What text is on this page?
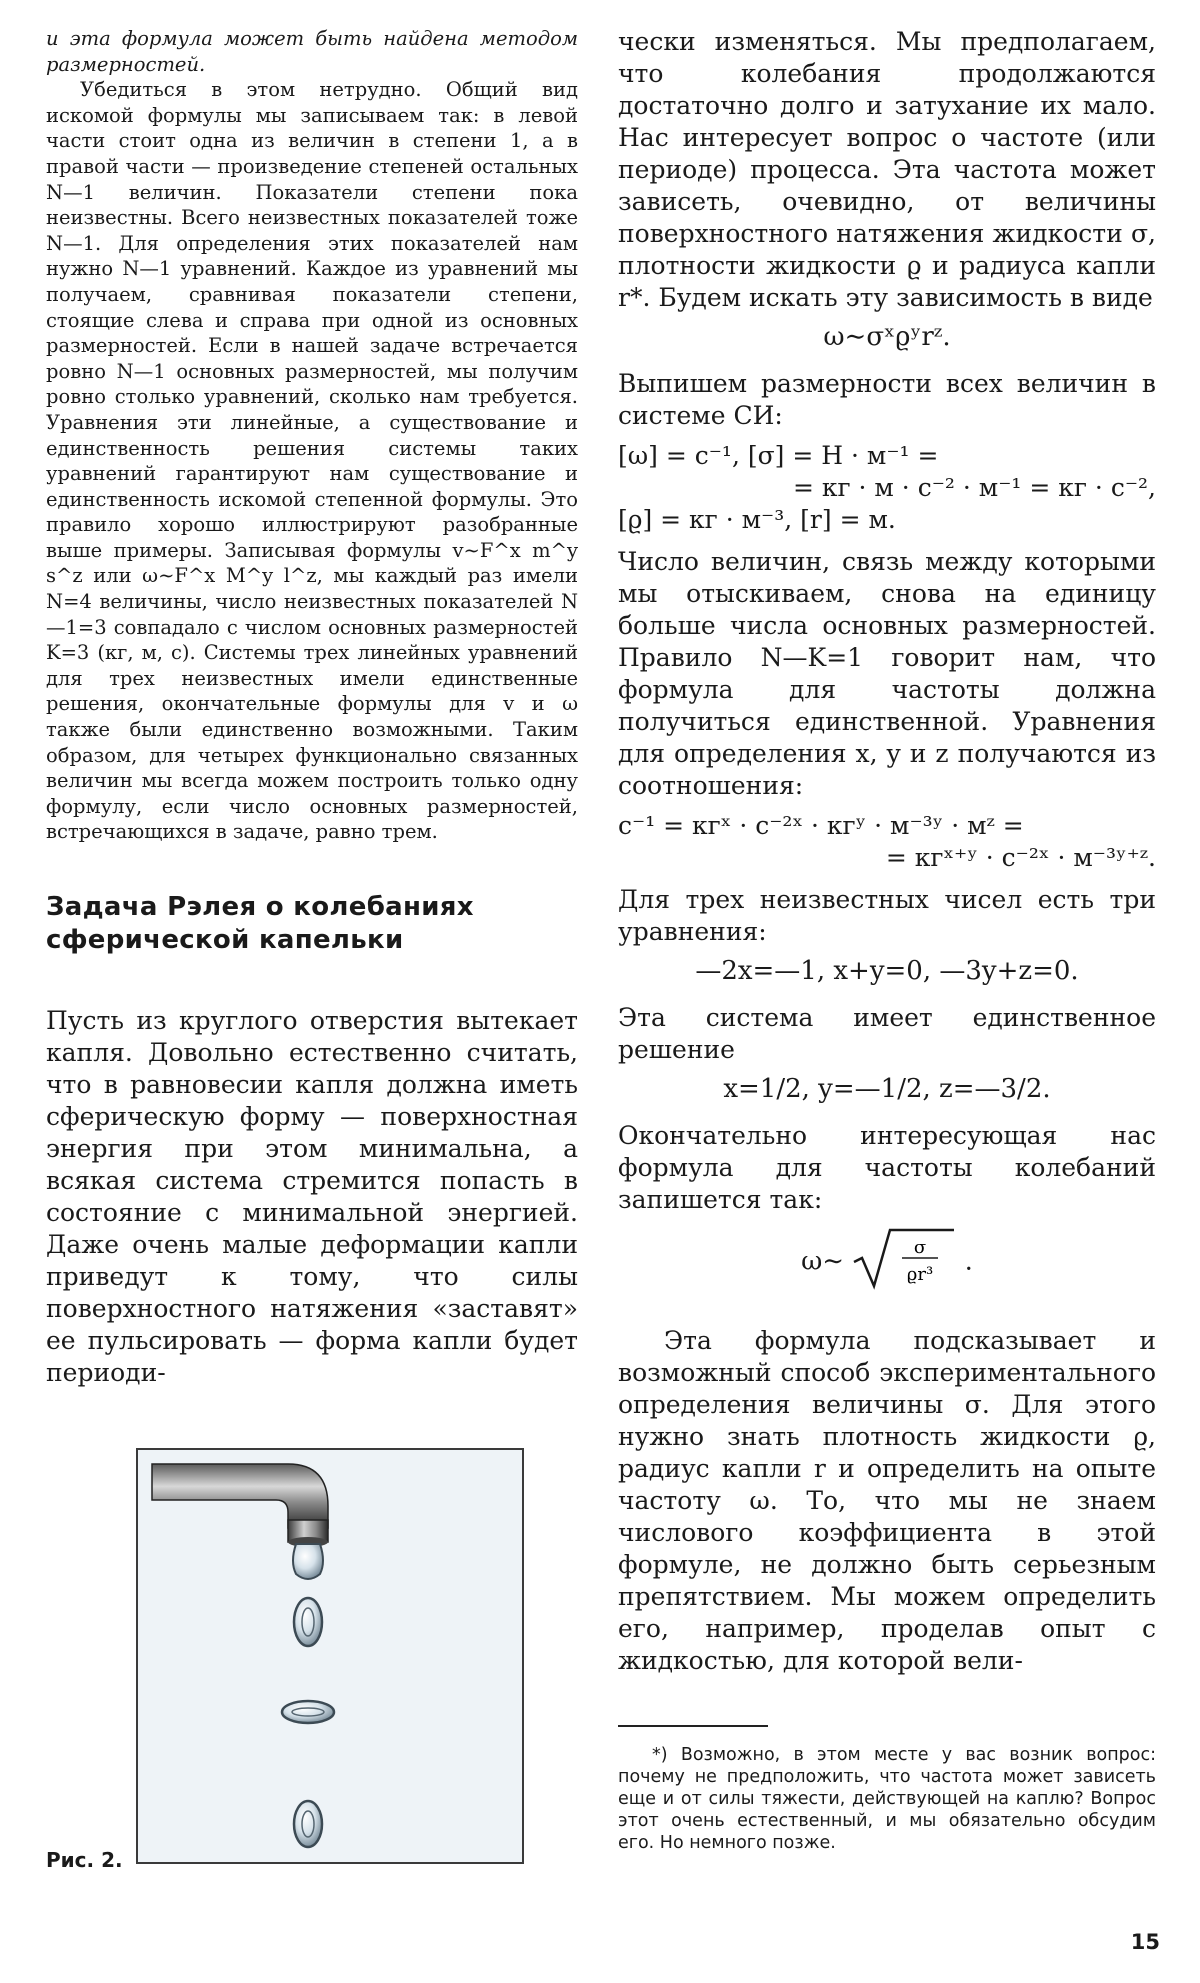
и эта формула может быть найдена методом размерностей.

Убедиться в этом нетрудно. Общий вид искомой формулы мы записываем так: в левой части стоит одна из величин в степени 1, а в правой части — произведение степеней остальных N—1 величин. Показатели степени пока неизвестны. Всего неизвестных показателей тоже N—1. Для определения этих показателей нам нужно N—1 уравнений. Каждое из уравнений мы получаем, сравнивая показатели степени, стоящие слева и справа при одной из основных размерностей. Если в нашей задаче встречается ровно N—1 основных размерностей, мы получим ровно столько уравнений, сколько нам требуется. Уравнения эти линейные, а существование и единственность решения системы таких уравнений гарантируют нам существование и единственность искомой степенной формулы. Это правило хорошо иллюстрируют разобранные выше примеры. Записывая формулы v∼F^x m^y s^z или ω∼F^x M^y l^z, мы каждый раз имели N=4 величины, число неизвестных показателей N—1=3 совпадало с числом основных размерностей K=3 (кг, м, с). Системы трех линейных уравнений для трех неизвестных имели единственные решения, окончательные формулы для v и ω также были единственно возможными. Таким образом, для четырех функционально связанных величин мы всегда можем построить только одну формулу, если число основных размерностей, встречающихся в задаче, равно трем.

Задача Рэлея о колебаниях сферической капельки

Пусть из круглого отверстия вытекает капля. Довольно естественно считать, что в равновесии капля должна иметь сферическую форму — поверхностная энергия при этом минимальна, а всякая система стремится попасть в состояние с минимальной энергией. Даже очень малые деформации капли приведут к тому, что силы поверхностного натяжения «заставят» ее пульсировать — форма капли будет периоди-

Рис. 2.

чески изменяться. Мы предполагаем, что колебания продолжаются достаточно долго и затухание их мало. Нас интересует вопрос о частоте (или периоде) процесса. Эта частота может зависеть, очевидно, от величины поверхностного натяжения жидкости σ, плотности жидкости ϱ и радиуса капли r*. Будем искать эту зависимость в виде

ω∼σˣϱʸrᶻ.

Выпишем размерности всех величин в системе СИ:

[ω] = с⁻¹, [σ] = Н · м⁻¹ =
= кг · м · с⁻² · м⁻¹ = кг · с⁻²,
[ϱ] = кг · м⁻³, [r] = м.

Число величин, связь между которыми мы отыскиваем, снова на единицу больше числа основных размерностей. Правило N—K=1 говорит нам, что формула для частоты должна получиться единственной. Уравнения для определения x, y и z получаются из соотношения:

с⁻¹ = кгˣ · с⁻²ˣ · кгʸ · м⁻³ʸ · мᶻ =
= кгˣ⁺ʸ · с⁻²ˣ · м⁻³ʸ⁺ᶻ.

Для трех неизвестных чисел есть три уравнения:

—2x=—1, x+y=0, —3y+z=0.

Эта система имеет единственное решение

x=1/2, y=—1/2, z=—3/2.

Окончательно интересующая нас формула для частоты колебаний запишется так:

ω∼	σ
ϱr³ .

Эта формула подсказывает и возможный способ экспериментального определения величины σ. Для этого нужно знать плотность жидкости ϱ, радиус капли r и определить на опыте частоту ω. То, что мы не знаем числового коэффициента в этой формуле, не должно быть серьезным препятствием. Мы можем определить его, например, проделав опыт с жидкостью, для которой вели-

*) Возможно, в этом месте у вас возник вопрос: почему не предположить, что частота может зависеть еще и от силы тяжести, действующей на каплю? Вопрос этот очень естественный, и мы обязательно обсудим его. Но немного позже.

15
